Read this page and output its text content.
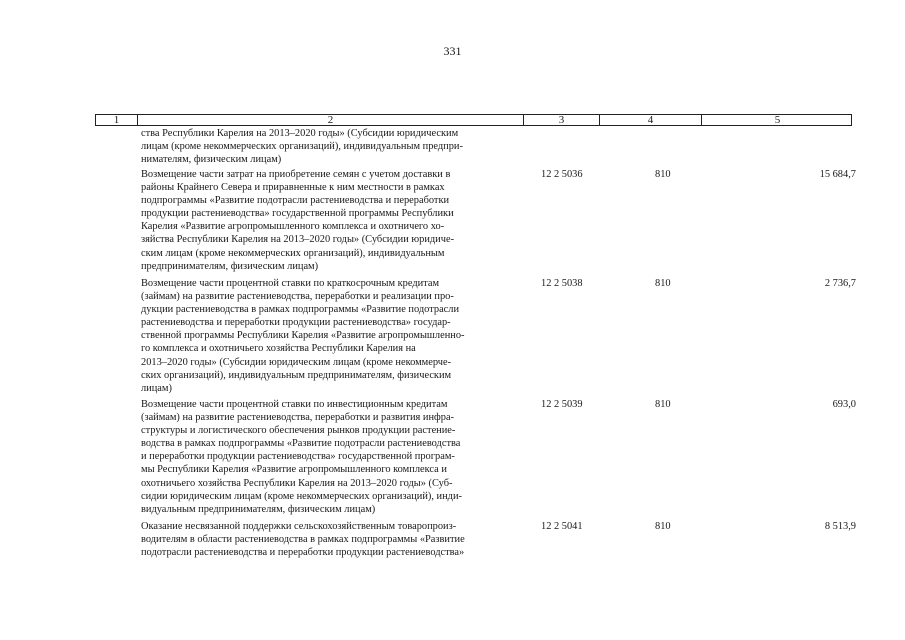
331
1	2	3	4	5
ства Республики Карелия на 2013–2020 годы» (Субсидии юридическим
лицам (кроме некоммерческих организаций), индивидуальным предпри-
нимателям, физическим лицам)
Возмещение части затрат на приобретение семян с учетом доставки в
районы Крайнего Севера и приравненные к ним местности в рамках
подпрограммы «Развитие подотрасли растениеводства и переработки
продукции растениеводства» государственной программы Республики
Карелия «Развитие агропромышленного комплекса и охотничего хо-
зяйства Республики Карелия на 2013–2020 годы» (Субсидии юридиче-
ским лицам (кроме некоммерческих организаций), индивидуальным
предпринимателям, физическим лицам)
12 2 5036	810	15 684,7
Возмещение части процентной ставки по краткосрочным кредитам
(займам) на развитие растениеводства, переработки и реализации про-
дукции растениеводства в рамках подпрограммы «Развитие подотрасли
растениеводства и переработки продукции растениеводства» государ-
ственной программы Республики Карелия «Развитие агропромышленно-
го комплекса и охотничьего хозяйства Республики Карелия на
2013–2020 годы» (Субсидии юридическим лицам (кроме некоммерче-
ских организаций), индивидуальным предпринимателям, физическим
лицам)
12 2 5038	810	2 736,7
Возмещение части процентной ставки по инвестиционным кредитам
(займам) на развитие растениеводства, переработки и развития инфра-
структуры и логистического обеспечения рынков продукции растение-
водства в рамках подпрограммы «Развитие подотрасли растениеводства
и переработки продукции растениеводства» государственной програм-
мы Республики Карелия «Развитие агропромышленного комплекса и
охотничьего хозяйства Республики Карелия на 2013–2020 годы» (Суб-
сидии юридическим лицам (кроме некоммерческих организаций), инди-
видуальным предпринимателям, физическим лицам)
12 2 5039	810	693,0
Оказание несвязанной поддержки сельскохозяйственным товаропроиз-
водителям в области растениеводства в рамках подпрограммы «Развитие
подотрасли растениеводства и переработки продукции растениеводства»
12 2 5041	810	8 513,9
